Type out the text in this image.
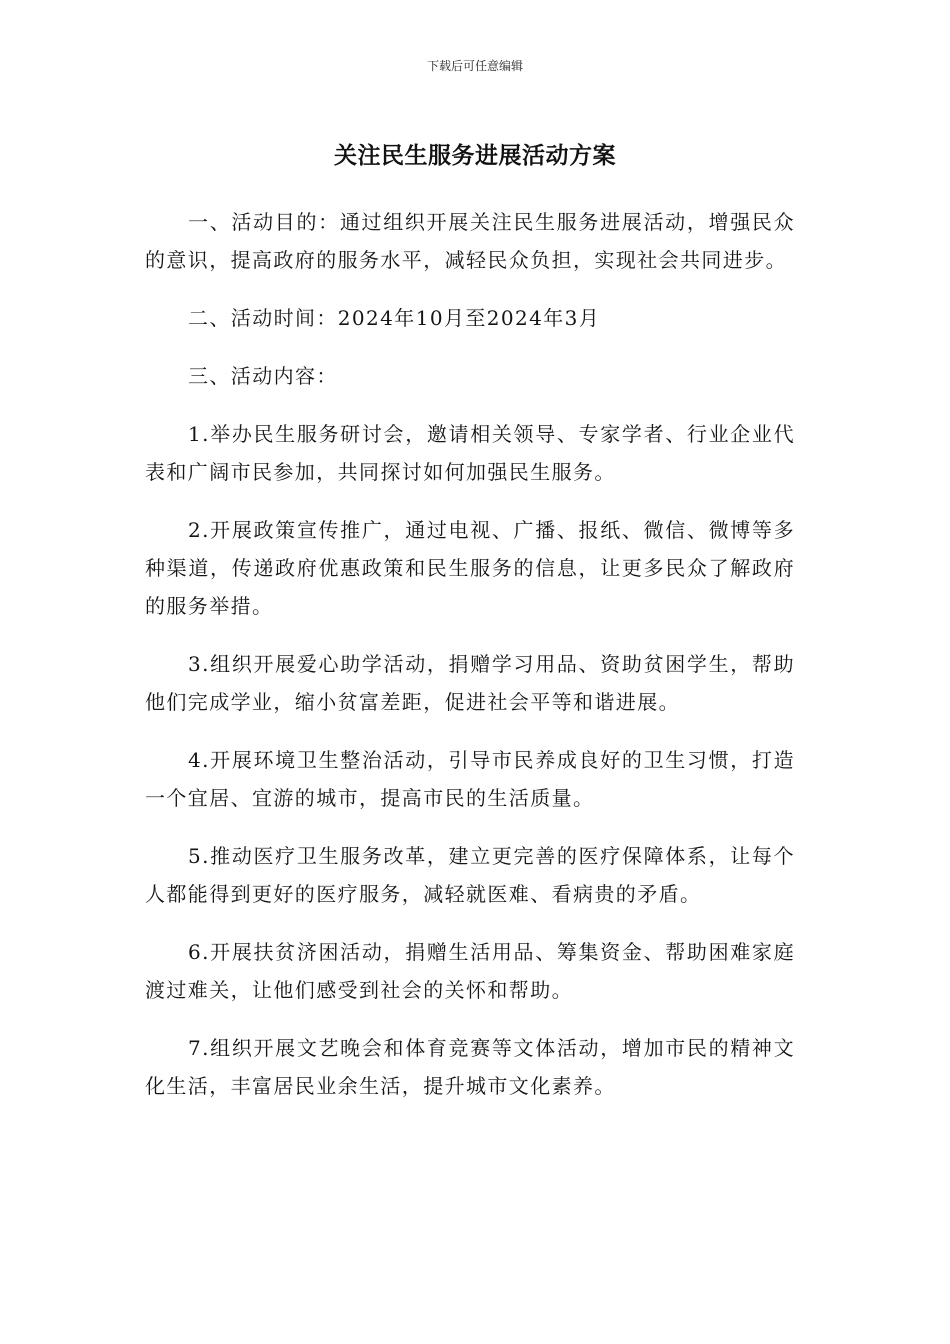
下载后可任意编辑
关注民生服务进展活动方案

一、活动目的：通过组织开展关注民生服务进展活动，增强民众的意识，提高政府的服务水平，减轻民众负担，实现社会共同进步。

二、活动时间：2024年10月至2024年3月

三、活动内容：

1.举办民生服务研讨会，邀请相关领导、专家学者、行业企业代表和广阔市民参加，共同探讨如何加强民生服务。

2.开展政策宣传推广，通过电视、广播、报纸、微信、微博等多种渠道，传递政府优惠政策和民生服务的信息，让更多民众了解政府的服务举措。

3.组织开展爱心助学活动，捐赠学习用品、资助贫困学生，帮助他们完成学业，缩小贫富差距，促进社会平等和谐进展。

4.开展环境卫生整治活动，引导市民养成良好的卫生习惯，打造一个宜居、宜游的城市，提高市民的生活质量。

5.推动医疗卫生服务改革，建立更完善的医疗保障体系，让每个人都能得到更好的医疗服务，减轻就医难、看病贵的矛盾。

6.开展扶贫济困活动，捐赠生活用品、筹集资金、帮助困难家庭渡过难关，让他们感受到社会的关怀和帮助。

7.组织开展文艺晚会和体育竞赛等文体活动，增加市民的精神文化生活，丰富居民业余生活，提升城市文化素养。
